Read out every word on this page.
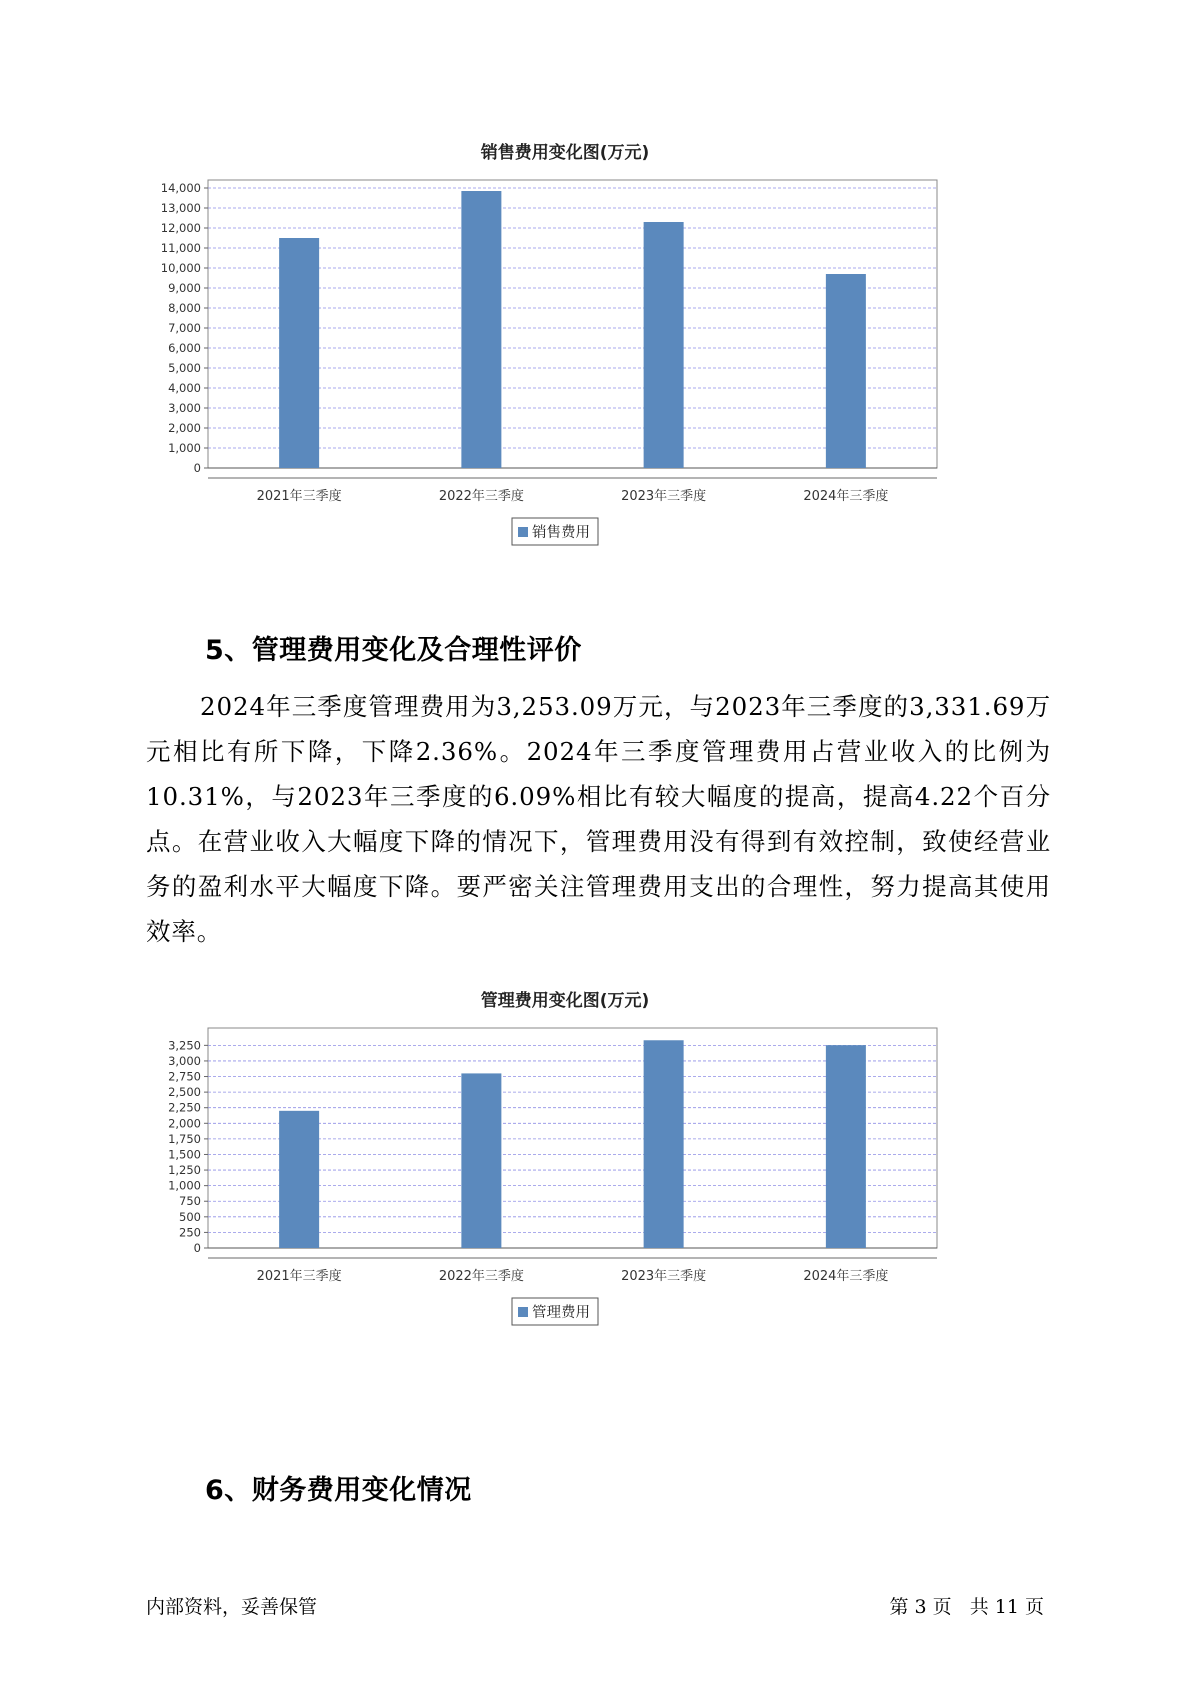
销售费用变化图(万元)
0
1,000
2,000
3,000
4,000
5,000
6,000
7,000
8,000
9,000
10,000
11,000
12,000
13,000
14,000
2021年三季度	2022年三季度	2023年三季度	2024年三季度
销售费用
5、管理费用变化及合理性评价

2024年三季度管理费用为3,253.09万元，与2023年三季度的3,331.69万元相比有所下降，下降2.36%。2024年三季度管理费用占营业收入的比例为10.31%，与2023年三季度的6.09%相比有较大幅度的提高，提高4.22个百分点。在营业收入大幅度下降的情况下，管理费用没有得到有效控制，致使经营业务的盈利水平大幅度下降。要严密关注管理费用支出的合理性，努力提高其使用效率。

管理费用变化图(万元)
0
250
500
750
1,000
1,250
1,500
1,750
2,000
2,250
2,500
2,750
3,000
3,250
2021年三季度	2022年三季度	2023年三季度	2024年三季度
管理费用
6、财务费用变化情况
内部资料，妥善保管	第 3 页   共 11 页
